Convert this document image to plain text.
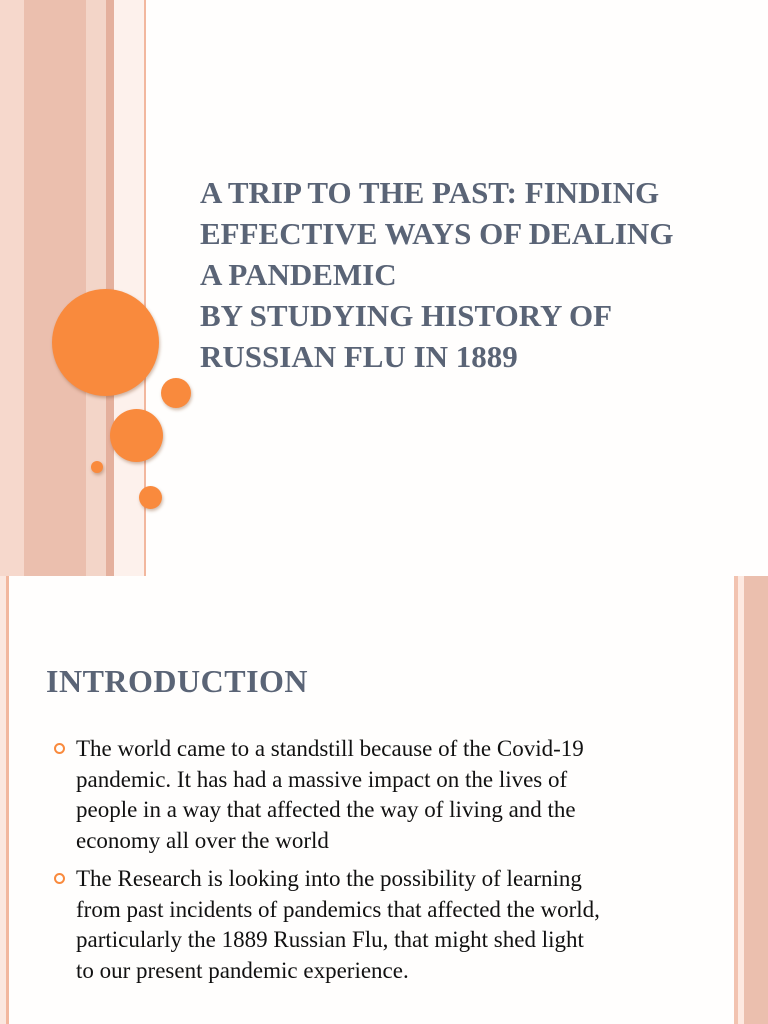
A TRIP TO THE PAST: FINDING
EFFECTIVE WAYS OF DEALING
A PANDEMIC
BY STUDYING HISTORY OF
RUSSIAN FLU IN 1889
INTRODUCTION
The world came to a standstill because of the Covid-19
pandemic. It has had a massive impact on the lives of
people in a way that affected the way of living and the
economy all over the world
The Research is looking into the possibility of learning
from past incidents of pandemics that affected the world,
particularly the 1889 Russian Flu, that might shed light
to our present pandemic experience.
